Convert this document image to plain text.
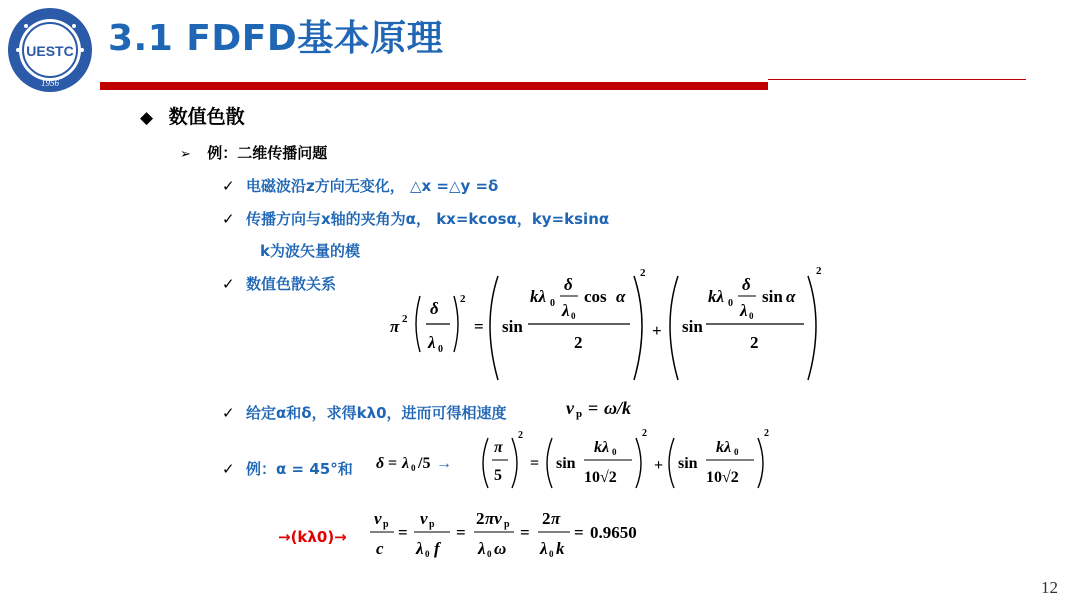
UESTC
1956
3.1 FDFD基本原理
◆ 数值色散
➢ 例：二维传播问题
✓ 电磁波沿z方向无变化， △x =△y =δ
✓ 传播方向与x轴的夹角为α， kx=kcosα，ky=ksinα
k为波矢量的模
✓ 数值色散关系
π 2
δ
λ 0
2
= sin
kλ 0
δ
λ 0
cos α
2
2
+ sin
kλ 0
δ
λ 0
sin α
2
2
✓ 给定α和δ，求得kλ0，进而可得相速度	v p = ω/k
✓ 例：α = 45°和 δ = λ 0 /5 →
π
5
2
= sin
kλ 0
10√2
2
+ sin
kλ 0
10√2
2
→(kλ0)→
v p
c
=
v p
λ 0 f
=
2 πv p
λ 0 ω
=
2 π
λ 0 k
= 0.9650
12
